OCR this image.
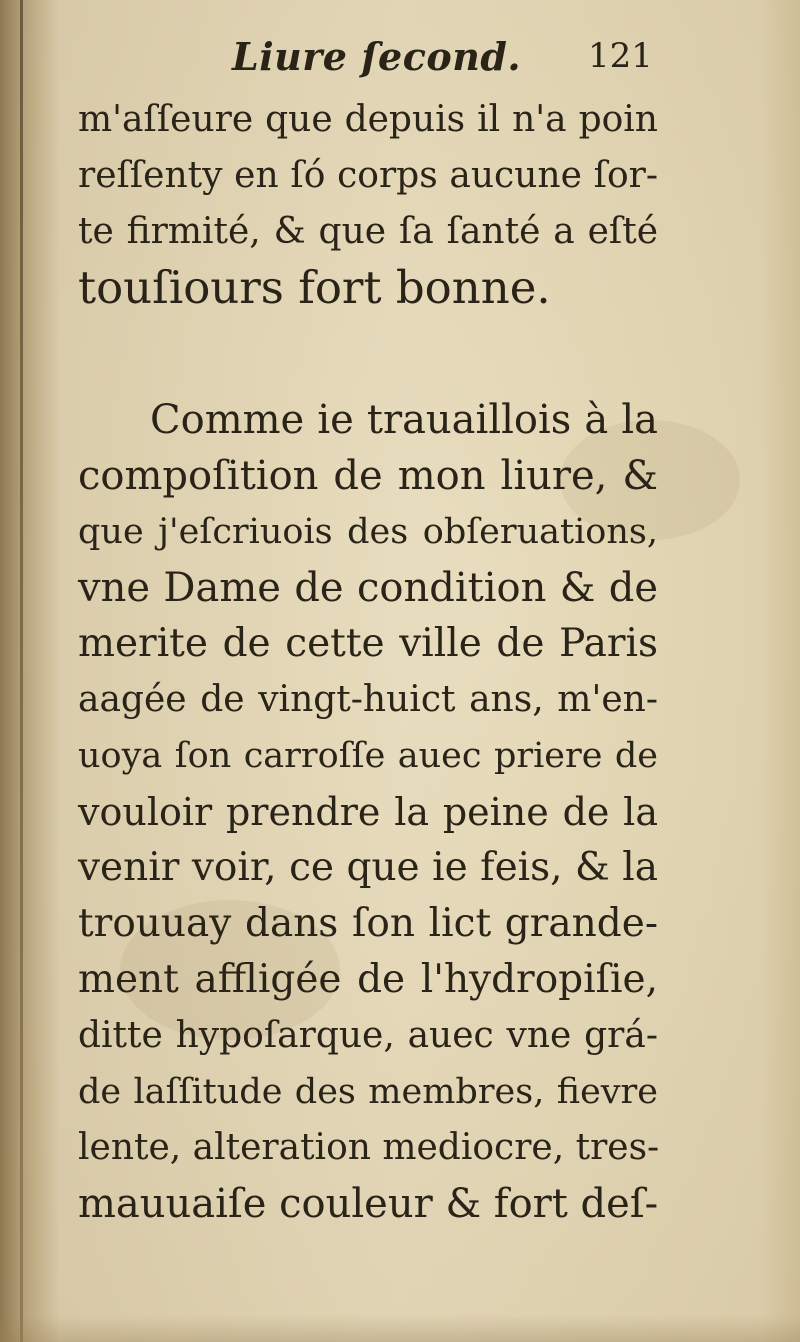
Liure ſecond. 121
m'aſſeure que depuis il n'a poin
reſſenty en ſó corps aucune ſor-
te firmité, & que ſa ſanté a eſté
touſiours fort bonne.
Comme ie trauaillois à la
compoſition de mon liure, &
que j'eſcriuois des obſeruations,
vne Dame de condition & de
merite de cette ville de Paris
aagée de vingt-huict ans, m'en-
uoya ſon carroſſe auec priere de
vouloir prendre la peine de la
venir voir, ce que ie feis, & la
trouuay dans ſon lict grande-
ment affligée de l'hydropiſie,
ditte hypoſarque, auec vne grá-
de laſſitude des membres, fievre
lente, alteration mediocre, tres-
mauuaiſe couleur & fort deſ-
